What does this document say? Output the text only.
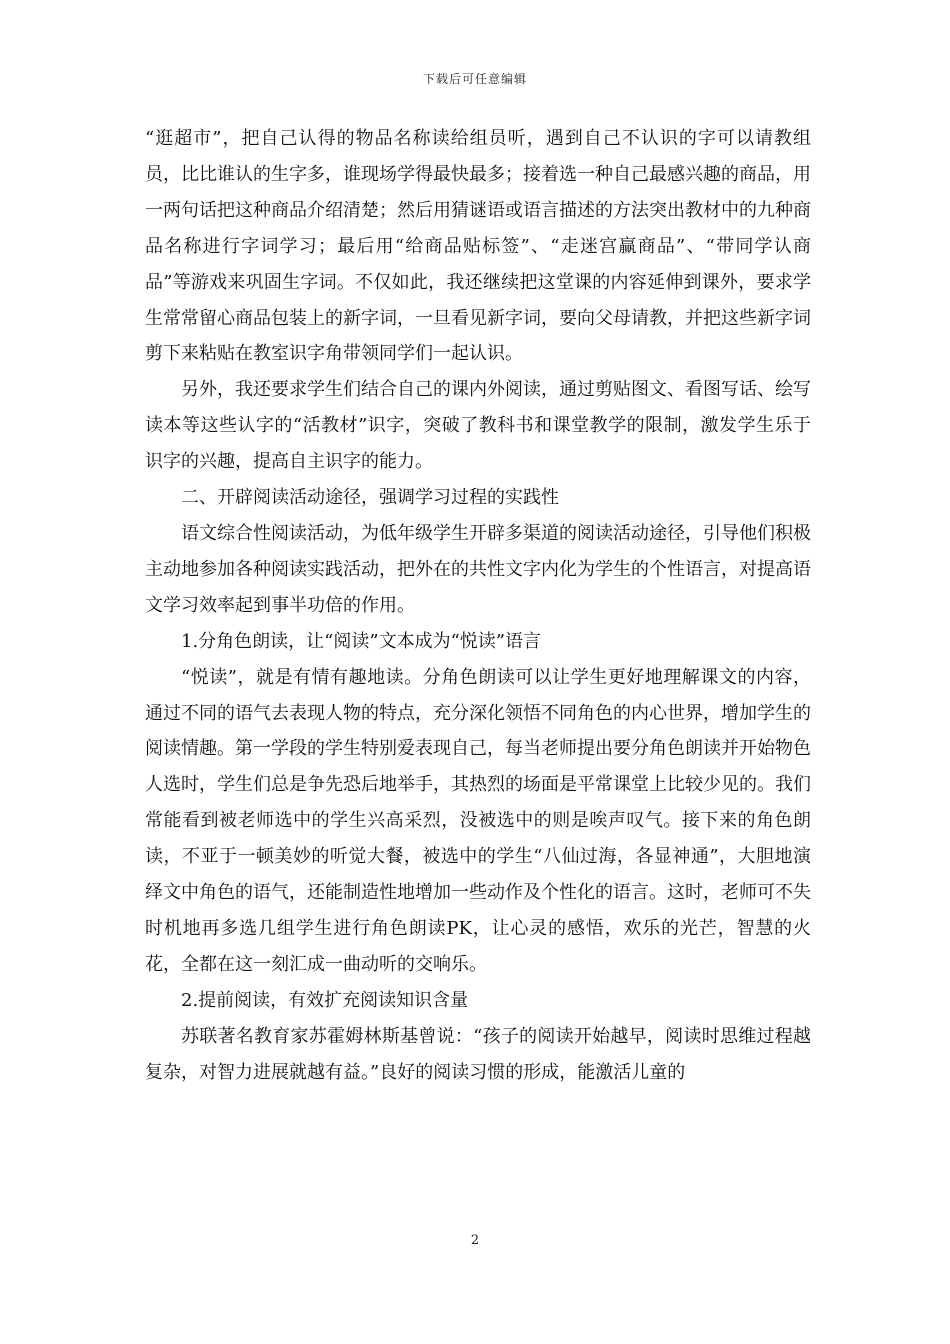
下载后可任意编辑

“逛超市”，把自己认得的物品名称读给组员听，遇到自己不认识的字可以请教组员，比比谁认的生字多，谁现场学得最快最多；接着选一种自己最感兴趣的商品，用一两句话把这种商品介绍清楚；然后用猜谜语或语言描述的方法突出教材中的九种商品名称进行字词学习；最后用“给商品贴标签”、“走迷宫赢商品”、“带同学认商品”等游戏来巩固生字词。不仅如此，我还继续把这堂课的内容延伸到课外，要求学生常常留心商品包装上的新字词，一旦看见新字词，要向父母请教，并把这些新字词剪下来粘贴在教室识字角带领同学们一起认识。

另外，我还要求学生们结合自己的课内外阅读，通过剪贴图文、看图写话、绘写读本等这些认字的“活教材”识字，突破了教科书和课堂教学的限制，激发学生乐于识字的兴趣，提高自主识字的能力。

二、开辟阅读活动途径，强调学习过程的实践性

语文综合性阅读活动，为低年级学生开辟多渠道的阅读活动途径，引导他们积极主动地参加各种阅读实践活动，把外在的共性文字内化为学生的个性语言，对提高语文学习效率起到事半功倍的作用。

1.分角色朗读，让“阅读”文本成为“悦读”语言

“悦读”，就是有情有趣地读。分角色朗读可以让学生更好地理解课文的内容，通过不同的语气去表现人物的特点，充分深化领悟不同角色的内心世界，增加学生的阅读情趣。第一学段的学生特别爱表现自己，每当老师提出要分角色朗读并开始物色人选时，学生们总是争先恐后地举手，其热烈的场面是平常课堂上比较少见的。我们常能看到被老师选中的学生兴高采烈，没被选中的则是唉声叹气。接下来的角色朗读，不亚于一顿美妙的听觉大餐，被选中的学生“八仙过海，各显神通”，大胆地演绎文中角色的语气，还能制造性地增加一些动作及个性化的语言。这时，老师可不失时机地再多选几组学生进行角色朗读PK，让心灵的感悟，欢乐的光芒，智慧的火花，全都在这一刻汇成一曲动听的交响乐。

2.提前阅读，有效扩充阅读知识含量

苏联著名教育家苏霍姆林斯基曾说：“孩子的阅读开始越早，阅读时思维过程越复杂，对智力进展就越有益。”良好的阅读习惯的形成，能激活儿童的

2
